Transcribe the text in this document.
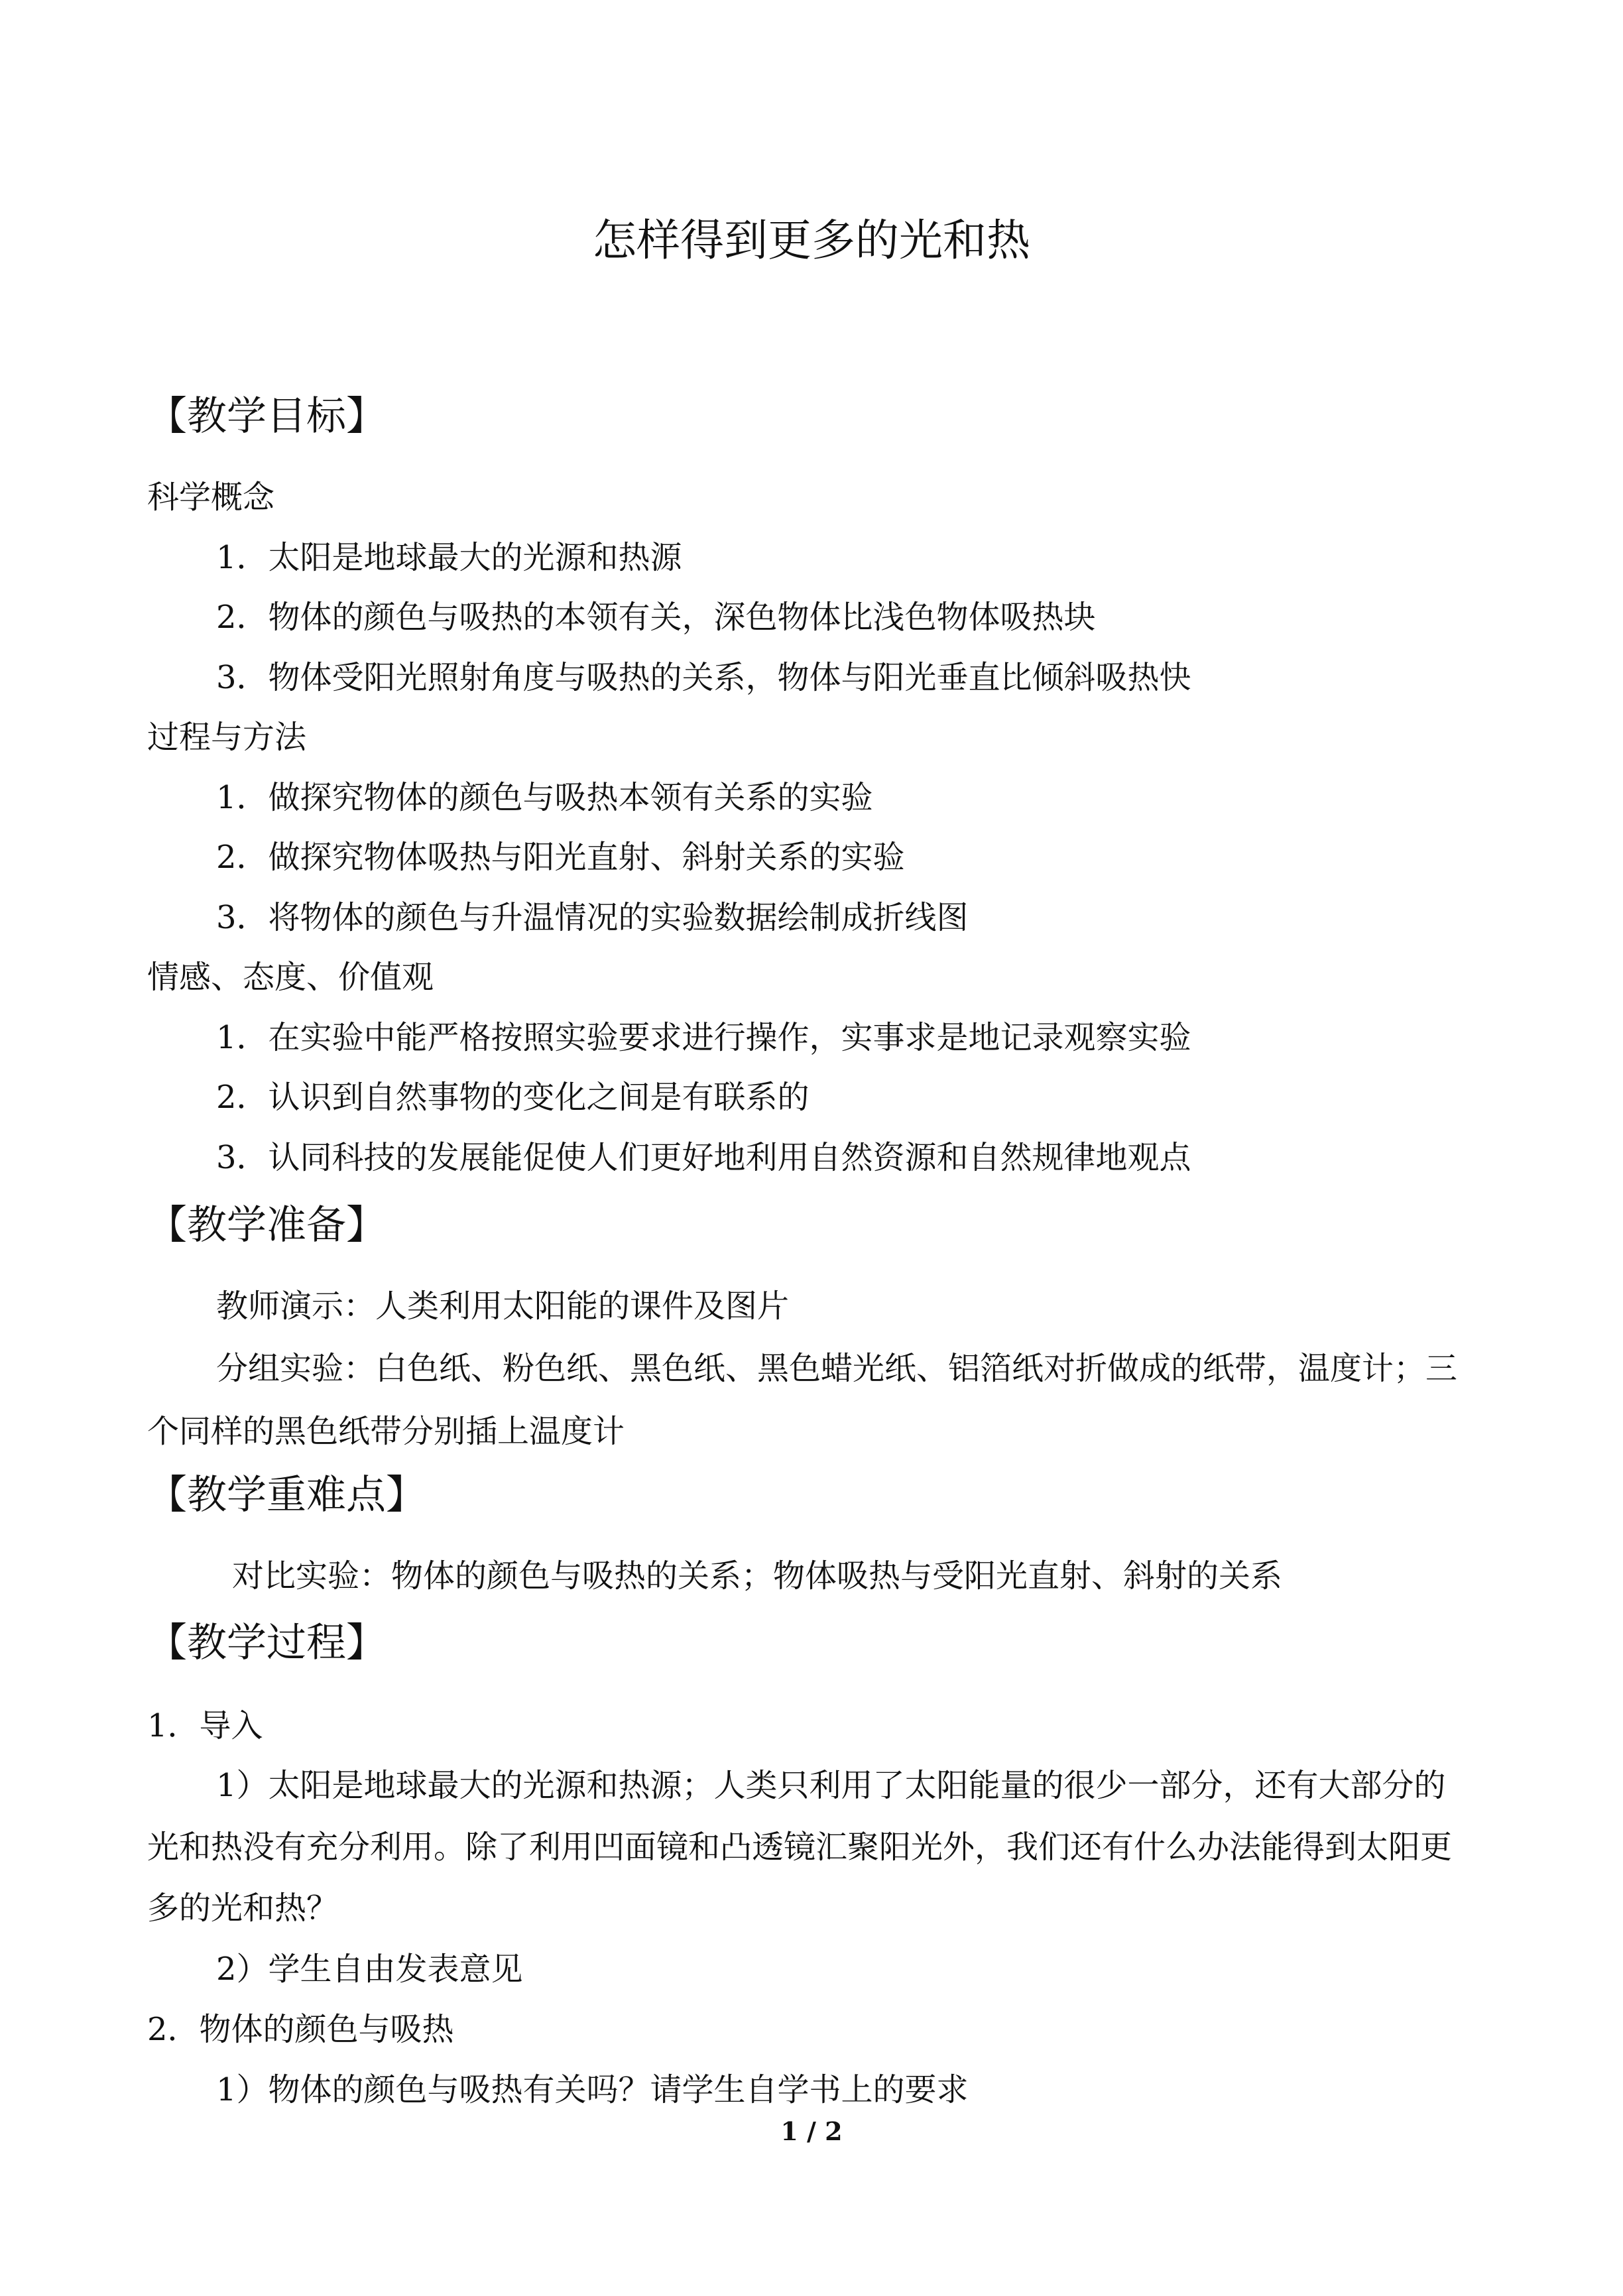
怎样得到更多的光和热
【教学目标】
科学概念
1．太阳是地球最大的光源和热源
2．物体的颜色与吸热的本领有关，深色物体比浅色物体吸热块
3．物体受阳光照射角度与吸热的关系，物体与阳光垂直比倾斜吸热快
过程与方法
1．做探究物体的颜色与吸热本领有关系的实验
2．做探究物体吸热与阳光直射、斜射关系的实验
3．将物体的颜色与升温情况的实验数据绘制成折线图
情感、态度、价值观
1．在实验中能严格按照实验要求进行操作，实事求是地记录观察实验
2．认识到自然事物的变化之间是有联系的
3．认同科技的发展能促使人们更好地利用自然资源和自然规律地观点
【教学准备】
教师演示：人类利用太阳能的课件及图片
分组实验：白色纸、粉色纸、黑色纸、黑色蜡光纸、铝箔纸对折做成的纸带，温度计；三
个同样的黑色纸带分别插上温度计
【教学重难点】
对比实验：物体的颜色与吸热的关系；物体吸热与受阳光直射、斜射的关系
【教学过程】
1．导入
1）太阳是地球最大的光源和热源；人类只利用了太阳能量的很少一部分，还有大部分的
光和热没有充分利用。除了利用凹面镜和凸透镜汇聚阳光外，我们还有什么办法能得到太阳更
多的光和热？
2）学生自由发表意见
2．物体的颜色与吸热
1）物体的颜色与吸热有关吗？请学生自学书上的要求
1 / 2
